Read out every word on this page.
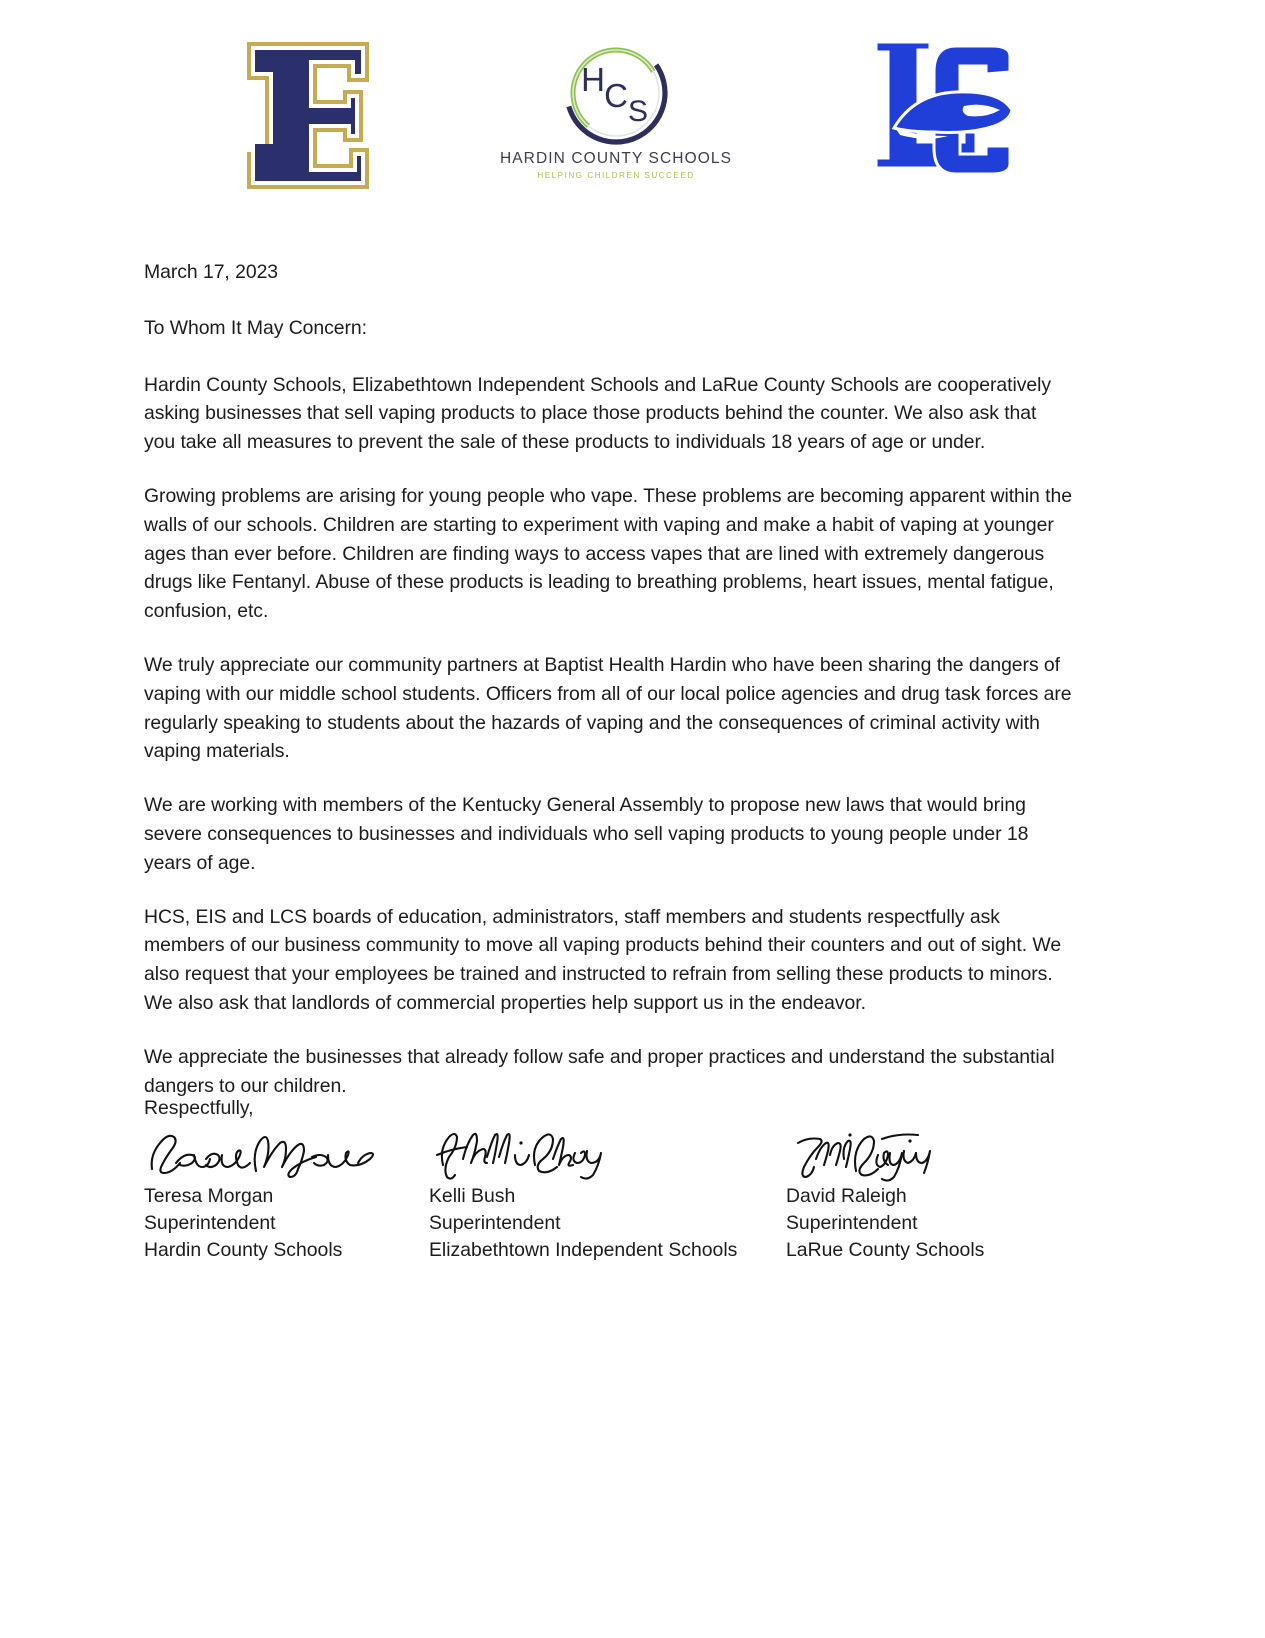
H C S
HARDIN COUNTY SCHOOLS
HELPING CHILDREN SUCCEED

March 17, 2023

To Whom It May Concern:

Hardin County Schools, Elizabethtown Independent Schools and LaRue County Schools are cooperatively asking businesses that sell vaping products to place those products behind the counter. We also ask that you take all measures to prevent the sale of these products to individuals 18 years of age or under.

Growing problems are arising for young people who vape. These problems are becoming apparent within the walls of our schools. Children are starting to experiment with vaping and make a habit of vaping at younger ages than ever before. Children are finding ways to access vapes that are lined with extremely dangerous drugs like Fentanyl. Abuse of these products is leading to breathing problems, heart issues, mental fatigue, confusion, etc.

We truly appreciate our community partners at Baptist Health Hardin who have been sharing the dangers of vaping with our middle school students. Officers from all of our local police agencies and drug task forces are regularly speaking to students about the hazards of vaping and the consequences of criminal activity with vaping materials.

We are working with members of the Kentucky General Assembly to propose new laws that would bring severe consequences to businesses and individuals who sell vaping products to young people under 18 years of age.

HCS, EIS and LCS boards of education, administrators, staff members and students respectfully ask members of our business community to move all vaping products behind their counters and out of sight. We also request that your employees be trained and instructed to refrain from selling these products to minors. We also ask that landlords of commercial properties help support us in the endeavor.

We appreciate the businesses that already follow safe and proper practices and understand the substantial dangers to our children.

Respectfully,
Teresa Morgan
Superintendent
Hardin County Schools
Kelli Bush
Superintendent
Elizabethtown Independent Schools
David Raleigh
Superintendent
LaRue County Schools
